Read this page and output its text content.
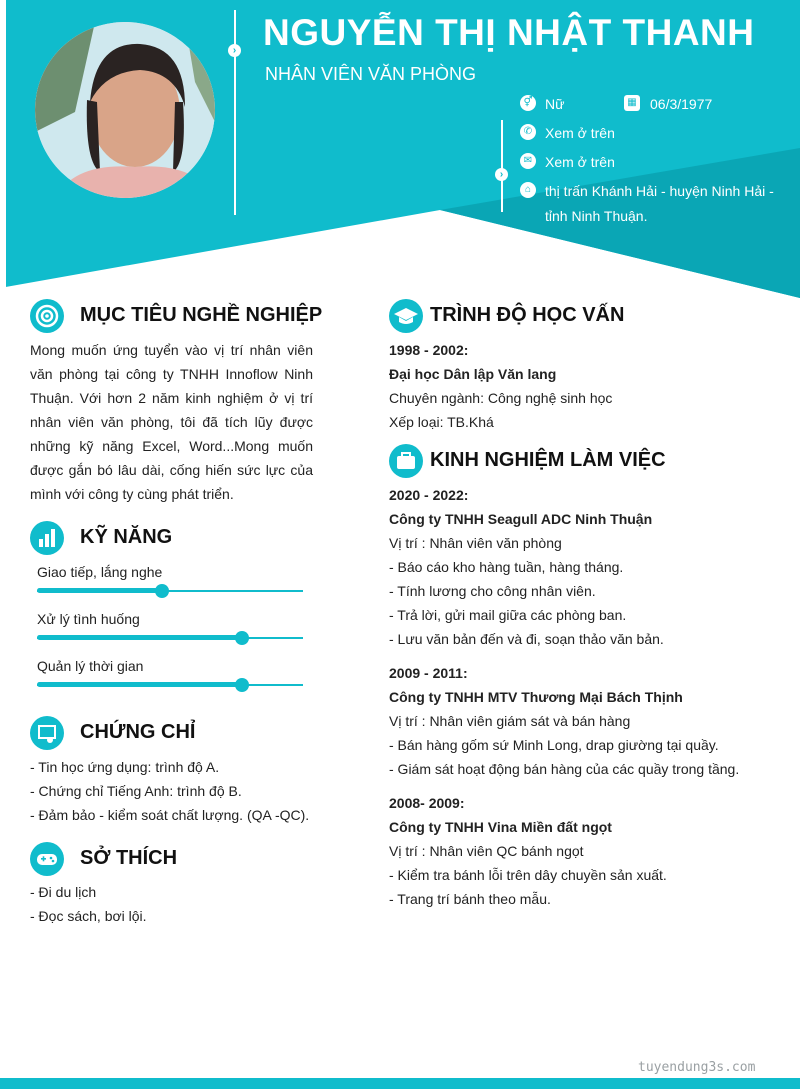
› NGUYỄN THỊ NHẬT THANH
NHÂN VIÊN VĂN PHÒNG
›
⚥ Nữ	▦ 06/3/1977
✆ Xem ở trên
✉ Xem ở trên
⌂ thị trấn Khánh Hải - huyện Ninh Hải -
tỉnh Ninh Thuận.
MỤC TIÊU NGHỀ NGHIỆP
Mong muốn ứng tuyển vào vị trí nhân viên văn phòng tại công ty TNHH Innoflow Ninh Thuận. Với hơn 2 năm kinh nghiệm ở vị trí nhân viên văn phòng, tôi đã tích lũy được những kỹ năng Excel, Word...Mong muốn được gắn bó lâu dài, cống hiến sức lực của mình với công ty cùng phát triển.
KỸ NĂNG
Giao tiếp, lắng nghe
Xử lý tình huống
Quản lý thời gian
CHỨNG CHỈ
- Tin học ứng dụng: trình độ A.
- Chứng chỉ Tiếng Anh: trình độ B.
- Đảm bảo - kiểm soát chất lượng. (QA -QC).
SỞ THÍCH
- Đi du lịch
- Đọc sách, bơi lội.
TRÌNH ĐỘ HỌC VẤN
1998 - 2002:
Đại học Dân lập Văn lang
Chuyên ngành: Công nghệ sinh học
Xếp loại: TB.Khá
KINH NGHIỆM LÀM VIỆC
2020 - 2022:
Công ty TNHH Seagull ADC Ninh Thuận
Vị trí : Nhân viên văn phòng
- Báo cáo kho hàng tuần, hàng tháng.
- Tính lương cho công nhân viên.
- Trả lời, gửi mail giữa các phòng ban.
- Lưu văn bản đến và đi, soạn thảo văn bản.
2009 - 2011:
Công ty TNHH MTV Thương Mại Bách Thịnh
Vị trí : Nhân viên giám sát và bán hàng
- Bán hàng gốm sứ Minh Long, drap giường tại quầy.
- Giám sát hoạt động bán hàng của các quầy trong tầng.
2008- 2009:
Công ty TNHH Vina Miền đất ngọt
Vị trí : Nhân viên QC bánh ngọt
- Kiểm tra bánh lỗi trên dây chuyền sản xuất.
- Trang trí bánh theo mẫu.
tuyendung3s.com
